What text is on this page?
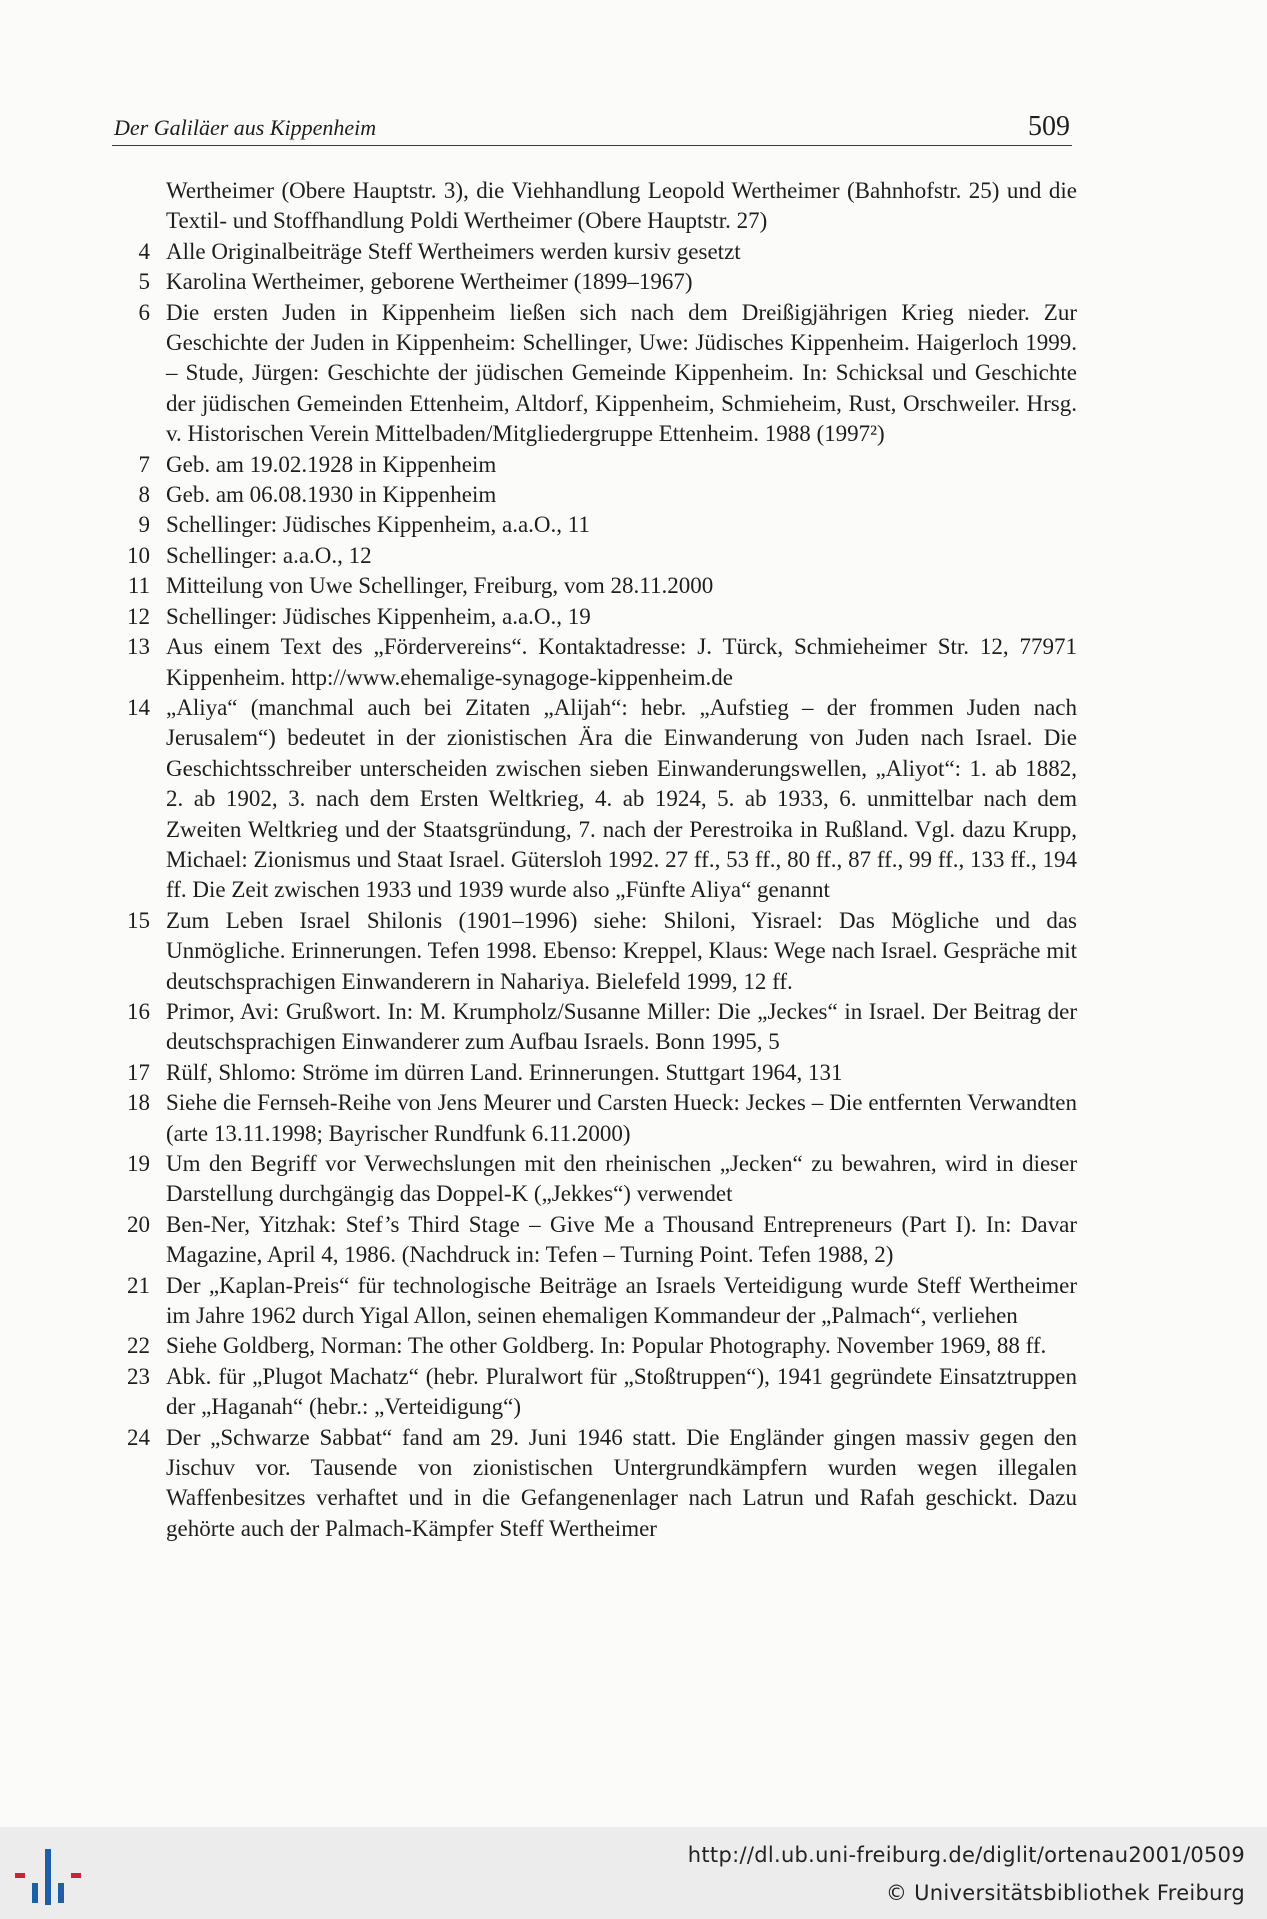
Der Galiläer aus Kippenheim	509
Wertheimer (Obere Hauptstr. 3), die Viehhandlung Leopold Wertheimer (Bahnhofstr. 25) und die Textil- und Stoffhandlung Poldi Wertheimer (Obere Hauptstr. 27)
4 Alle Originalbeiträge Steff Wertheimers werden kursiv gesetzt
5 Karolina Wertheimer, geborene Wertheimer (1899–1967)
6 Die ersten Juden in Kippenheim ließen sich nach dem Dreißigjährigen Krieg nieder. Zur Geschichte der Juden in Kippenheim: Schellinger, Uwe: Jüdisches Kippenheim. Haigerloch 1999. – Stude, Jürgen: Geschichte der jüdischen Gemeinde Kippenheim. In: Schicksal und Geschichte der jüdischen Gemeinden Ettenheim, Altdorf, Kippenheim, Schmieheim, Rust, Orschweiler. Hrsg. v. Historischen Verein Mittelbaden/Mitgliedergruppe Ettenheim. 1988 (1997²)
7 Geb. am 19.02.1928 in Kippenheim
8 Geb. am 06.08.1930 in Kippenheim
9 Schellinger: Jüdisches Kippenheim, a.a.O., 11
10 Schellinger: a.a.O., 12
11 Mitteilung von Uwe Schellinger, Freiburg, vom 28.11.2000
12 Schellinger: Jüdisches Kippenheim, a.a.O., 19
13 Aus einem Text des „Fördervereins“. Kontaktadresse: J. Türck, Schmieheimer Str. 12, 77971 Kippenheim. http://www.ehemalige-synagoge-kippenheim.de
14 „Aliya“ (manchmal auch bei Zitaten „Alijah“: hebr. „Aufstieg – der frommen Juden nach Jerusalem“) bedeutet in der zionistischen Ära die Einwanderung von Juden nach Israel. Die Geschichtsschreiber unterscheiden zwischen sieben Einwanderungswellen, „Aliyot“: 1. ab 1882, 2. ab 1902, 3. nach dem Ersten Weltkrieg, 4. ab 1924, 5. ab 1933, 6. unmittelbar nach dem Zweiten Weltkrieg und der Staatsgründung, 7. nach der Perestroika in Rußland. Vgl. dazu Krupp, Michael: Zionismus und Staat Israel. Gütersloh 1992. 27 ff., 53 ff., 80 ff., 87 ff., 99 ff., 133 ff., 194 ff. Die Zeit zwischen 1933 und 1939 wurde also „Fünfte Aliya“ genannt
15 Zum Leben Israel Shilonis (1901–1996) siehe: Shiloni, Yisrael: Das Mögliche und das Unmögliche. Erinnerungen. Tefen 1998. Ebenso: Kreppel, Klaus: Wege nach Israel. Gespräche mit deutschsprachigen Einwanderern in Nahariya. Bielefeld 1999, 12 ff.
16 Primor, Avi: Grußwort. In: M. Krumpholz/Susanne Miller: Die „Jeckes“ in Israel. Der Beitrag der deutschsprachigen Einwanderer zum Aufbau Israels. Bonn 1995, 5
17 Rülf, Shlomo: Ströme im dürren Land. Erinnerungen. Stuttgart 1964, 131
18 Siehe die Fernseh-Reihe von Jens Meurer und Carsten Hueck: Jeckes – Die entfernten Verwandten (arte 13.11.1998; Bayrischer Rundfunk 6.11.2000)
19 Um den Begriff vor Verwechslungen mit den rheinischen „Jecken“ zu bewahren, wird in dieser Darstellung durchgängig das Doppel-K („Jekkes“) verwendet
20 Ben-Ner, Yitzhak: Stef’s Third Stage – Give Me a Thousand Entrepreneurs (Part I). In: Davar Magazine, April 4, 1986. (Nachdruck in: Tefen – Turning Point. Tefen 1988, 2)
21 Der „Kaplan-Preis“ für technologische Beiträge an Israels Verteidigung wurde Steff Wertheimer im Jahre 1962 durch Yigal Allon, seinen ehemaligen Kommandeur der „Palmach“, verliehen
22 Siehe Goldberg, Norman: The other Goldberg. In: Popular Photography. November 1969, 88 ff.
23 Abk. für „Plugot Machatz“ (hebr. Pluralwort für „Stoßtruppen“), 1941 gegründete Einsatztruppen der „Haganah“ (hebr.: „Verteidigung“)
24 Der „Schwarze Sabbat“ fand am 29. Juni 1946 statt. Die Engländer gingen massiv gegen den Jischuv vor. Tausende von zionistischen Untergrundkämpfern wurden wegen illegalen Waffenbesitzes verhaftet und in die Gefangenenlager nach Latrun und Rafah geschickt. Dazu gehörte auch der Palmach-Kämpfer Steff Wertheimer
http://dl.ub.uni-freiburg.de/diglit/ortenau2001/0509
© Universitätsbibliothek Freiburg
